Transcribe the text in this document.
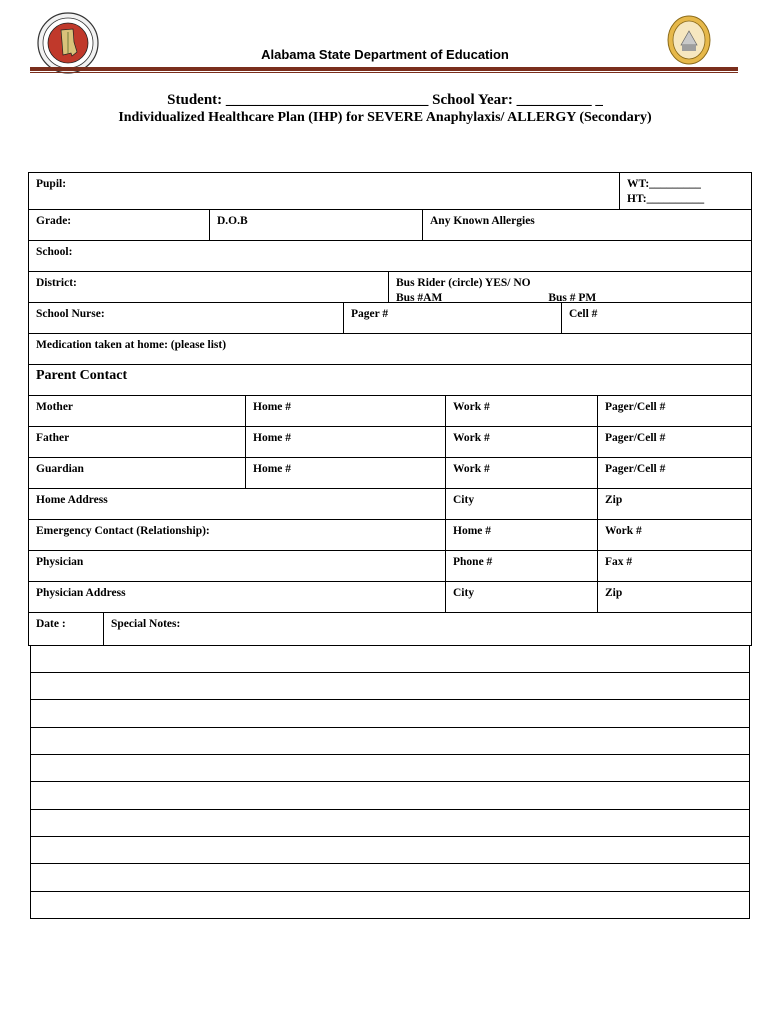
Alabama State Department of Education
Student: ___________________________ School Year: __________ _
Individualized Healthcare Plan (IHP) for SEVERE Anaphylaxis/ ALLERGY (Secondary)
Pupil:	WT:_________
HT:__________
Grade:	D.O.B	Any Known Allergies
School:
District:	Bus Rider (circle) YES/ NO
Bus #AM	Bus # PM
School Nurse:	Pager #	Cell #
Medication taken at home: (please list)
Parent Contact
Mother	Home #	Work #	Pager/Cell #
Father	Home #	Work #	Pager/Cell #
Guardian	Home #	Work #	Pager/Cell #
Home Address	City	Zip
Emergency Contact (Relationship):	Home #	Work #
Physician	Phone #	Fax #
Physician Address	City	Zip
Date :	Special Notes:
